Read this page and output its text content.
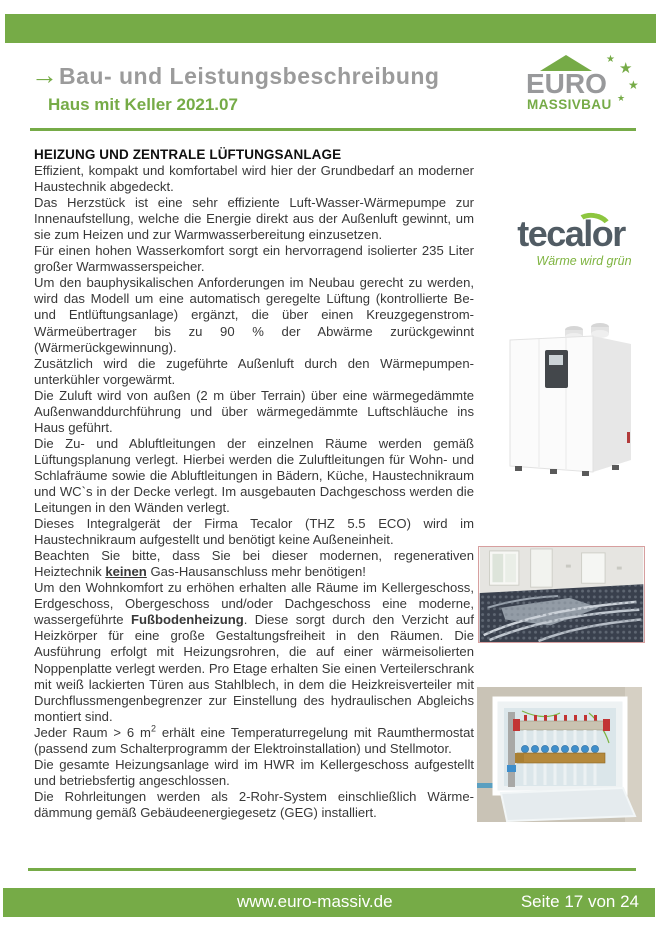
→ Bau- und Leistungsbeschreibung
Haus mit Keller 2021.07
EURO
MASSIVBAU
★
★
★
★
HEIZUNG UND ZENTRALE LÜFTUNGSANLAGE

Effizient, kompakt und komfortabel wird hier der Grundbedarf an moderner Haustechnik abgedeckt.

Das Herzstück ist eine sehr effiziente Luft-Wasser-Wärmepumpe zur Innenaufstellung, welche die Energie direkt aus der Außenluft gewinnt, um sie zum Heizen und zur Warmwasserbereitung einzusetzen.

Für einen hohen Wasserkomfort sorgt ein hervorragend isolierter 235 Liter großer Warmwasserspeicher.

Um den bauphysikalischen Anforderungen im Neubau gerecht zu werden, wird das Modell um eine automatisch geregelte Lüftung (kontrollierte Be- und Entlüftungsanlage) ergänzt, die über einen Kreuzgegenstrom-Wärmeübertrager bis zu 90 % der Abwärme zurückgewinnt (Wärmerückgewinnung).

Zusätzlich wird die zugeführte Außenluft durch den Wärmepumpenunterkühler vorgewärmt.

Die Zuluft wird von außen (2 m über Terrain) über eine wärmegedämmte Außenwanddurchführung und über wärmegedämmte Luftschläuche ins Haus geführt.

Die Zu- und Abluftleitungen der einzelnen Räume werden gemäß Lüftungsplanung verlegt. Hierbei werden die Zuluftleitungen für Wohn- und Schlafräume sowie die Abluftleitungen in Bädern, Küche, Haustechnikraum und WC`s in der Decke verlegt. Im ausgebauten Dachgeschoss werden die Leitungen in den Wänden verlegt.

Dieses Integralgerät der Firma Tecalor (THZ 5.5 ECO) wird im Haustechnikraum aufgestellt und benötigt keine Außeneinheit.

Beachten Sie bitte, dass Sie bei dieser modernen, regenerativen Heiztechnik keinen Gas-Hausanschluss mehr benötigen!

Um den Wohnkomfort zu erhöhen erhalten alle Räume im Kellergeschoss, Erdgeschoss, Obergeschoss und/oder Dachgeschoss eine moderne, wassergeführte Fußbodenheizung. Diese sorgt durch den Verzicht auf Heizkörper für eine große Gestaltungsfreiheit in den Räumen. Die Ausführung erfolgt mit Heizungsrohren, die auf einer wärmeisolierten Noppenplatte verlegt werden. Pro Etage erhalten Sie einen Verteilerschrank mit weiß lackierten Türen aus Stahlblech, in dem die Heizkreisverteiler mit Durchflussmengenbegrenzer zur Einstellung des hydraulischen Abgleichs montiert sind.

Jeder Raum > 6 $m^2$ erhält eine Temperaturregelung mit Raumthermostat (passend zum Schalterprogramm der Elektroinstallation) und Stellmotor.

Die gesamte Heizungsanlage wird im HWR im Kellergeschoss aufgestellt und betriebsfertig angeschlossen.

Die Rohrleitungen werden als 2-Rohr-System einschließlich Wärmedämmung gemäß Gebäudeenergiegesetz (GEG) installiert.

tecalor
Wärme wird grün
www.euro-massiv.de	Seite 17 von 24
